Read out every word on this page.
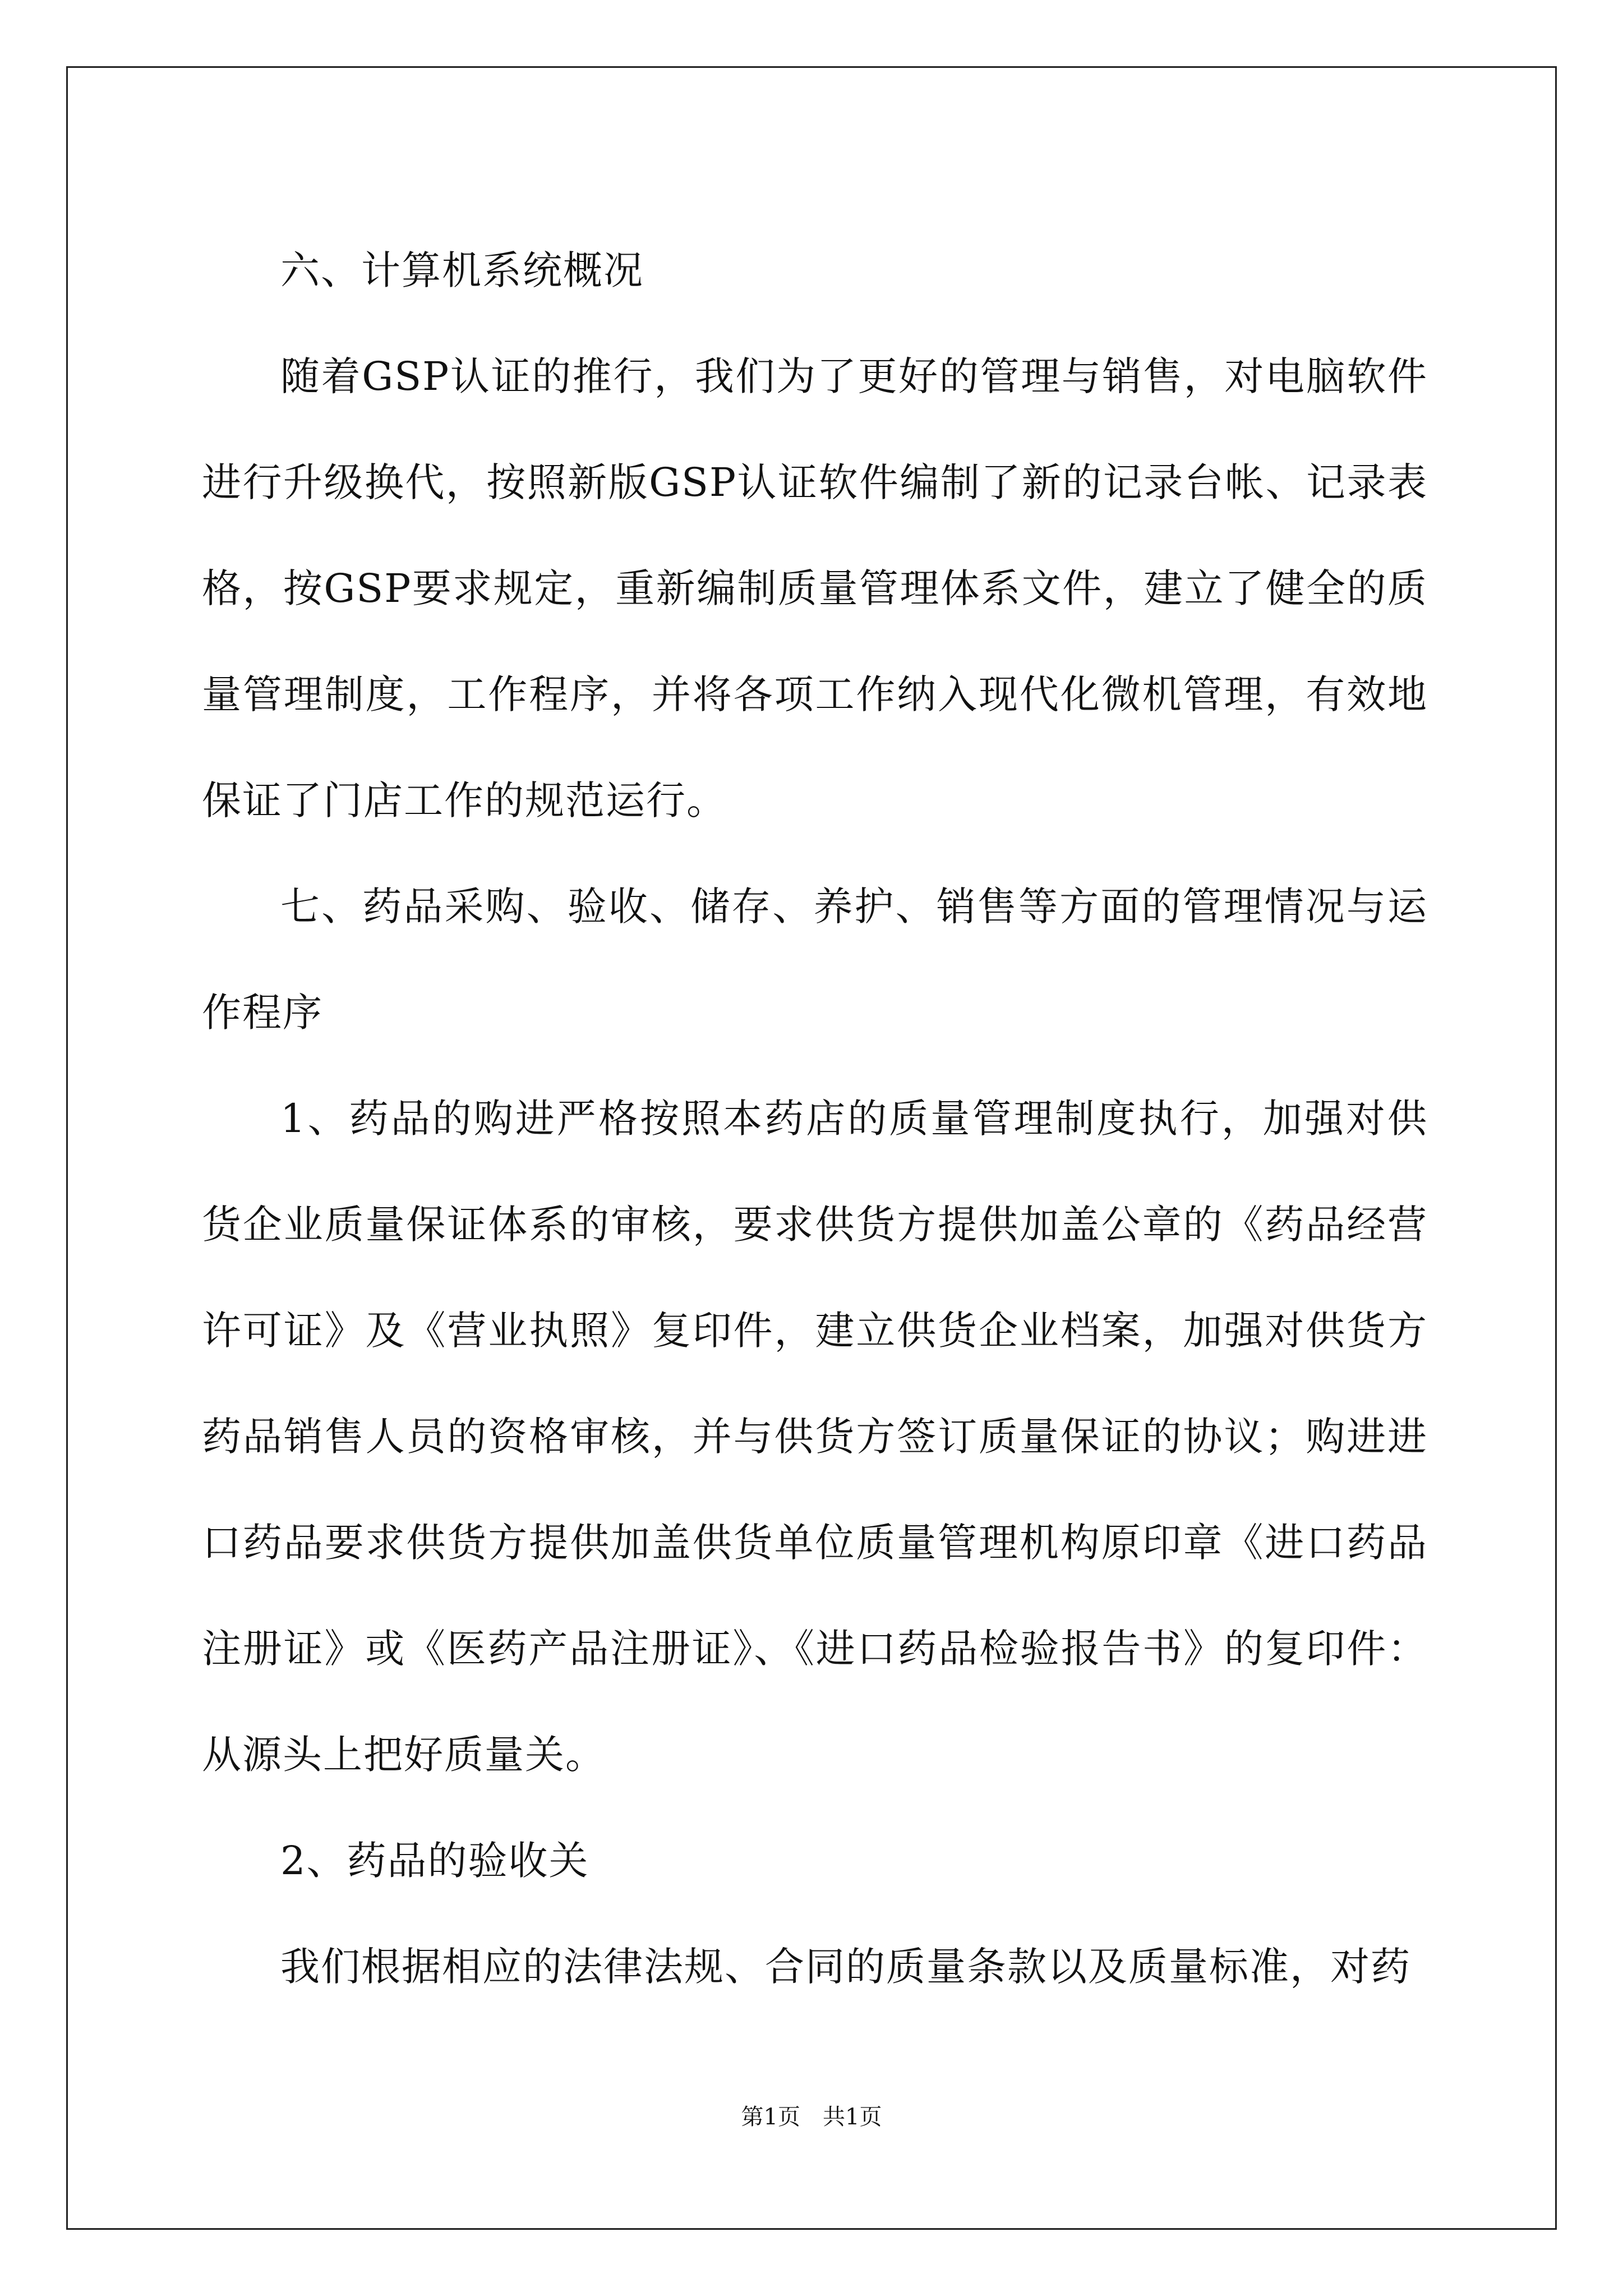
六、计算机系统概况

随着GSP认证的推行，我们为了更好的管理与销售，对电脑软件进行升级换代，按照新版GSP认证软件编制了新的记录台帐、记录表格，按GSP要求规定，重新编制质量管理体系文件，建立了健全的质量管理制度，工作程序，并将各项工作纳入现代化微机管理，有效地保证了门店工作的规范运行。

七、药品采购、验收、储存、养护、销售等方面的管理情况与运作程序

1、药品的购进严格按照本药店的质量管理制度执行，加强对供货企业质量保证体系的审核，要求供货方提供加盖公章的《药品经营许可证》及《营业执照》复印件，建立供货企业档案，加强对供货方药品销售人员的资格审核，并与供货方签订质量保证的协议；购进进口药品要求供货方提供加盖供货单位质量管理机构原印章《进口药品注册证》或《医药产品注册证》、《进口药品检验报告书》的复印件：从源头上把好质量关。

2、药品的验收关

我们根据相应的法律法规、合同的质量条款以及质量标准，对药

第1页　共1页
